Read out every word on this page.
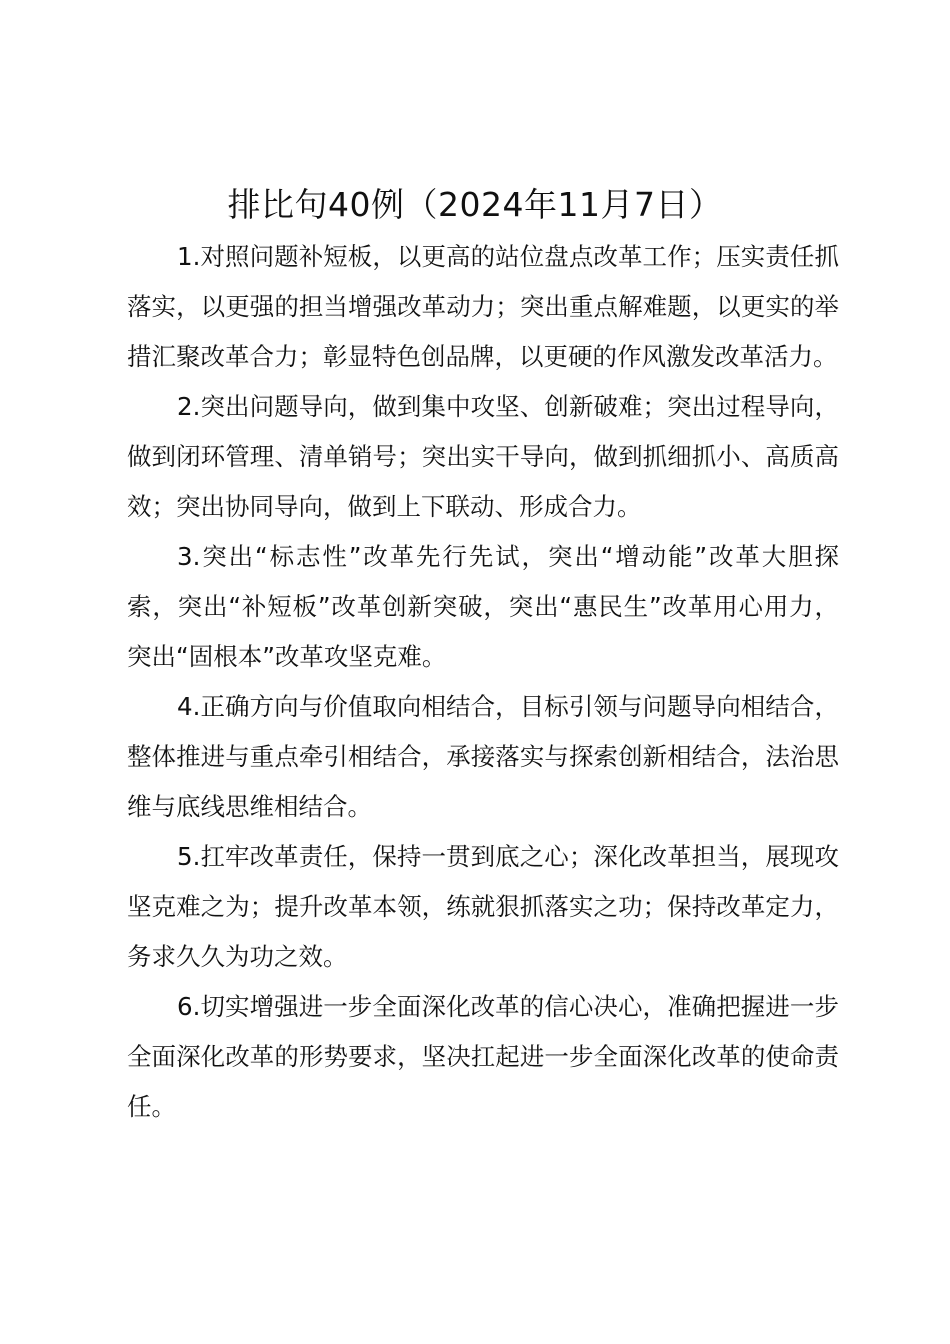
排比句40例（2024年11月7日）

1.对照问题补短板，以更高的站位盘点改革工作；压实责任抓落实，以更强的担当增强改革动力；突出重点解难题，以更实的举措汇聚改革合力；彰显特色创品牌，以更硬的作风激发改革活力。

2.突出问题导向，做到集中攻坚、创新破难；突出过程导向，做到闭环管理、清单销号；突出实干导向，做到抓细抓小、高质高效；突出协同导向，做到上下联动、形成合力。

3.突出“标志性”改革先行先试，突出“增动能”改革大胆探索，突出“补短板”改革创新突破，突出“惠民生”改革用心用力，突出“固根本”改革攻坚克难。

4.正确方向与价值取向相结合，目标引领与问题导向相结合，整体推进与重点牵引相结合，承接落实与探索创新相结合，法治思维与底线思维相结合。

5.扛牢改革责任，保持一贯到底之心；深化改革担当，展现攻坚克难之为；提升改革本领，练就狠抓落实之功；保持改革定力，务求久久为功之效。

6.切实增强进一步全面深化改革的信心决心，准确把握进一步全面深化改革的形势要求，坚决扛起进一步全面深化改革的使命责任。
